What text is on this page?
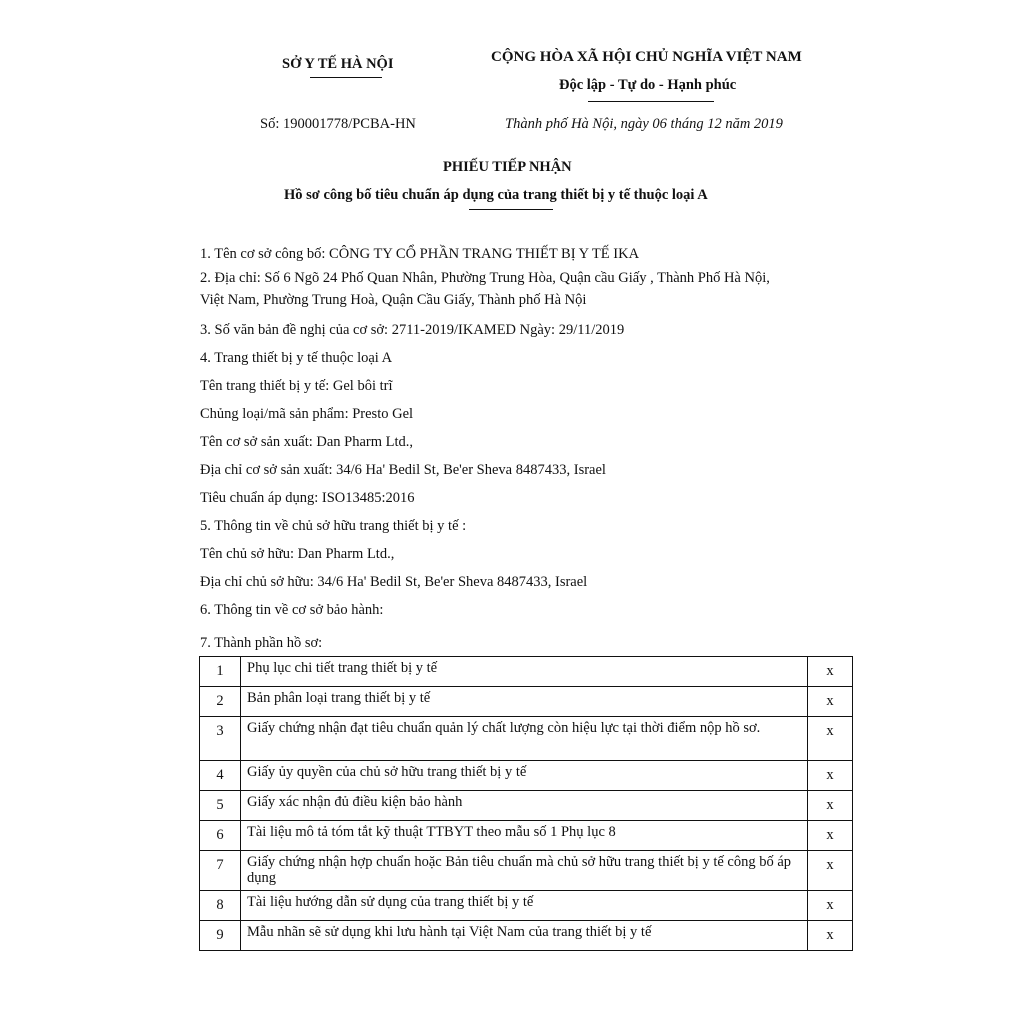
SỞ Y TẾ HÀ NỘI	CỘNG HÒA XÃ HỘI CHỦ NGHĨA VIỆT NAM
Độc lập - Tự do - Hạnh phúc
Số: 190001778/PCBA-HN	Thành phố Hà Nội, ngày 06 tháng 12 năm 2019
PHIẾU TIẾP NHẬN
Hồ sơ công bố tiêu chuẩn áp dụng của trang thiết bị y tế thuộc loại A
1. Tên cơ sở công bố: CÔNG TY CỔ PHẦN TRANG THIẾT BỊ Y TẾ IKA
2. Địa chỉ: Số 6 Ngõ 24 Phố Quan Nhân, Phường Trung Hòa, Quận cầu Giấy , Thành Phố Hà Nội,
Việt Nam, Phường Trung Hoà, Quận Cầu Giấy, Thành phố Hà Nội
3. Số văn bản đề nghị của cơ sở: 2711-2019/IKAMED Ngày: 29/11/2019
4. Trang thiết bị y tế thuộc loại A
Tên trang thiết bị y tế: Gel bôi trĩ
Chủng loại/mã sản phẩm: Presto Gel
Tên cơ sở sản xuất: Dan Pharm Ltd.,
Địa chỉ cơ sở sản xuất: 34/6 Ha' Bedil St, Be'er Sheva 8487433, Israel
Tiêu chuẩn áp dụng: ISO13485:2016
5. Thông tin về chủ sở hữu trang thiết bị y tế :
Tên chủ sở hữu: Dan Pharm Ltd.,
Địa chỉ chủ sở hữu: 34/6 Ha' Bedil St, Be'er Sheva 8487433, Israel
6. Thông tin về cơ sở bảo hành:
7. Thành phần hồ sơ:
1	Phụ lục chi tiết trang thiết bị y tế	x
2	Bản phân loại trang thiết bị y tế	x
3	Giấy chứng nhận đạt tiêu chuẩn quản lý chất lượng còn hiệu lực tại thời điểm nộp hồ sơ.	x
4	Giấy ủy quyền của chủ sở hữu trang thiết bị y tế	x
5	Giấy xác nhận đủ điều kiện bảo hành	x
6	Tài liệu mô tả tóm tắt kỹ thuật TTBYT theo mẫu số 1 Phụ lục 8	x
7	Giấy chứng nhận hợp chuẩn hoặc Bản tiêu chuẩn mà chủ sở hữu trang thiết bị y tế công bố áp dụng	x
8	Tài liệu hướng dẫn sử dụng của trang thiết bị y tế	x
9	Mẫu nhãn sẽ sử dụng khi lưu hành tại Việt Nam của trang thiết bị y tế	x
